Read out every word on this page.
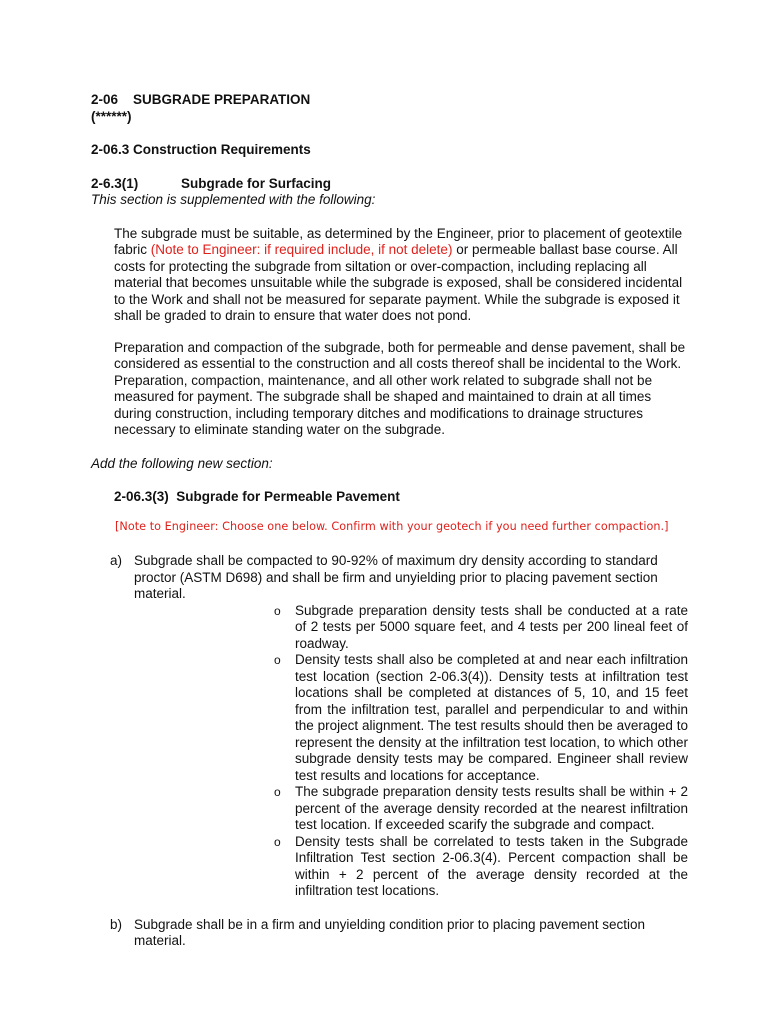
2-06 SUBGRADE PREPARATION
(******)
2-06.3 Construction Requirements
2-6.3(1)	Subgrade for Surfacing
This section is supplemented with the following:
The subgrade must be suitable, as determined by the Engineer, prior to placement of geotextile fabric (Note to Engineer: if required include, if not delete) or permeable ballast base course. All costs for protecting the subgrade from siltation or over-compaction, including replacing all material that becomes unsuitable while the subgrade is exposed, shall be considered incidental to the Work and shall not be measured for separate payment. While the subgrade is exposed it shall be graded to drain to ensure that water does not pond.
Preparation and compaction of the subgrade, both for permeable and dense pavement, shall be considered as essential to the construction and all costs thereof shall be incidental to the Work. Preparation, compaction, maintenance, and all other work related to subgrade shall not be measured for payment. The subgrade shall be shaped and maintained to drain at all times during construction, including temporary ditches and modifications to drainage structures necessary to eliminate standing water on the subgrade.
Add the following new section:
2-06.3(3) Subgrade for Permeable Pavement
[Note to Engineer: Choose one below. Confirm with your geotech if you need further compaction.]
a) Subgrade shall be compacted to 90-92% of maximum dry density according to standard proctor (ASTM D698) and shall be firm and unyielding prior to placing pavement section material.
o Subgrade preparation density tests shall be conducted at a rate of 2 tests per 5000 square feet, and 4 tests per 200 lineal feet of roadway.
o Density tests shall also be completed at and near each infiltration test location (section 2-06.3(4)). Density tests at infiltration test locations shall be completed at distances of 5, 10, and 15 feet from the infiltration test, parallel and perpendicular to and within the project alignment. The test results should then be averaged to represent the density at the infiltration test location, to which other subgrade density tests may be compared. Engineer shall review test results and locations for acceptance.
o The subgrade preparation density tests results shall be within + 2 percent of the average density recorded at the nearest infiltration test location. If exceeded scarify the subgrade and compact.
o Density tests shall be correlated to tests taken in the Subgrade Infiltration Test section 2-06.3(4). Percent compaction shall be within + 2 percent of the average density recorded at the infiltration test locations.
b) Subgrade shall be in a firm and unyielding condition prior to placing pavement section material.
